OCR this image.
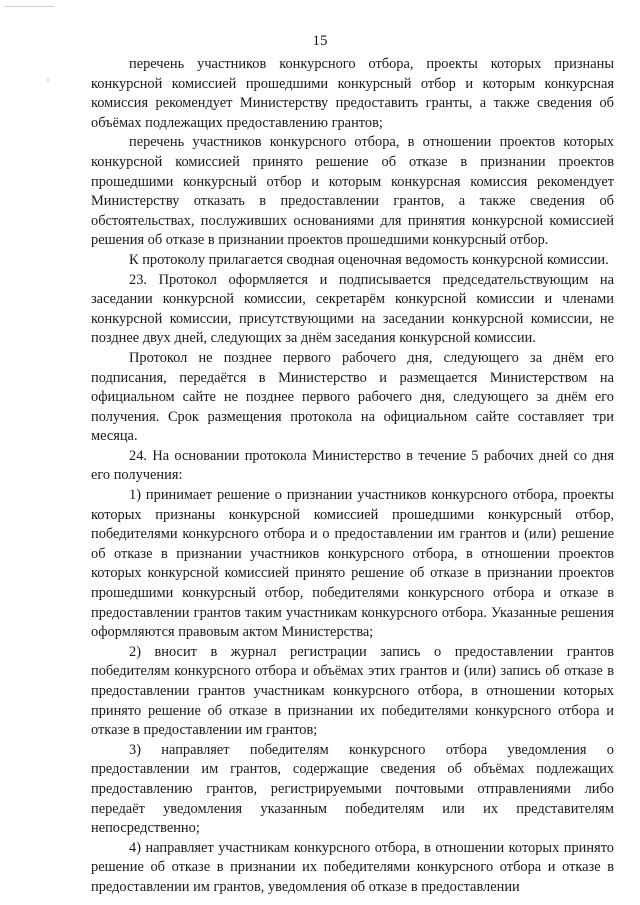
15

перечень участников конкурсного отбора, проекты которых признаны конкурсной комиссией прошедшими конкурсный отбор и которым конкурсная комиссия рекомендует Министерству предоставить гранты, а также сведения об объёмах подлежащих предоставлению грантов;

перечень участников конкурсного отбора, в отношении проектов которых конкурсной комиссией принято решение об отказе в признании проектов прошедшими конкурсный отбор и которым конкурсная комиссия рекомендует Министерству отказать в предоставлении грантов, а также сведения об обстоятельствах, послуживших основаниями для принятия конкурсной комиссией решения об отказе в признании проектов прошедшими конкурсный отбор.

К протоколу прилагается сводная оценочная ведомость конкурсной комиссии.

23. Протокол оформляется и подписывается председательствующим на заседании конкурсной комиссии, секретарём конкурсной комиссии и членами конкурсной комиссии, присутствующими на заседании конкурсной комиссии, не позднее двух дней, следующих за днём заседания конкурсной комиссии.

Протокол не позднее первого рабочего дня, следующего за днём его подписания, передаётся в Министерство и размещается Министерством на официальном сайте не позднее первого рабочего дня, следующего за днём его получения. Срок размещения протокола на официальном сайте составляет три месяца.

24. На основании протокола Министерство в течение 5 рабочих дней со дня его получения:

1) принимает решение о признании участников конкурсного отбора, проекты которых признаны конкурсной комиссией прошедшими конкурсный отбор, победителями конкурсного отбора и о предоставлении им грантов и (или) решение об отказе в признании участников конкурсного отбора, в отношении проектов которых конкурсной комиссией принято решение об отказе в признании проектов прошедшими конкурсный отбор, победителями конкурсного отбора и отказе в предоставлении грантов таким участникам конкурсного отбора. Указанные решения оформляются правовым актом Министерства;

2) вносит в журнал регистрации запись о предоставлении грантов победителям конкурсного отбора и объёмах этих грантов и (или) запись об отказе в предоставлении грантов участникам конкурсного отбора, в отношении которых принято решение об отказе в признании их победителями конкурсного отбора и отказе в предоставлении им грантов;

3) направляет победителям конкурсного отбора уведомления о предоставлении им грантов, содержащие сведения об объёмах подлежащих предоставлению грантов, регистрируемыми почтовыми отправлениями либо передаёт уведомления указанным победителям или их представителям непосредственно;

4) направляет участникам конкурсного отбора, в отношении которых принято решение об отказе в признании их победителями конкурсного отбора и отказе в предоставлении им грантов, уведомления об отказе в предоставлении
